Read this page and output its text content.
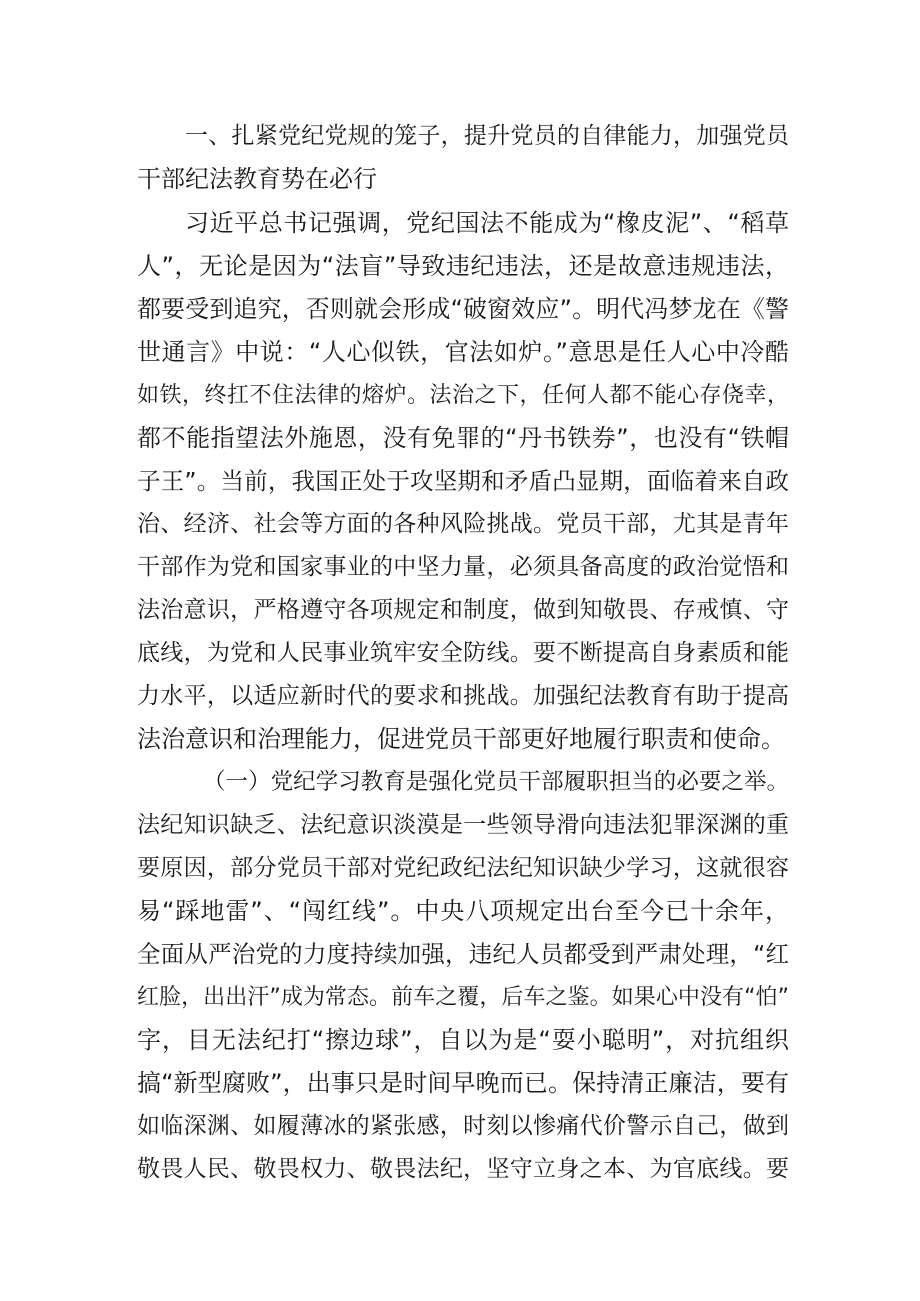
一、扎紧党纪党规的笼子，提升党员的自律能力，加强党员
干部纪法教育势在必行
习近平总书记强调，党纪国法不能成为“橡皮泥”、“稻草
人”，无论是因为“法盲”导致违纪违法，还是故意违规违法，
都要受到追究，否则就会形成“破窗效应”。明代冯梦龙在《警
世通言》中说：“人心似铁，官法如炉。”意思是任人心中冷酷
如铁，终扛不住法律的熔炉。法治之下，任何人都不能心存侥幸，
都不能指望法外施恩，没有免罪的“丹书铁券”，也没有“铁帽
子王”。当前，我国正处于攻坚期和矛盾凸显期，面临着来自政
治、经济、社会等方面的各种风险挑战。党员干部，尤其是青年
干部作为党和国家事业的中坚力量，必须具备高度的政治觉悟和
法治意识，严格遵守各项规定和制度，做到知敬畏、存戒慎、守
底线，为党和人民事业筑牢安全防线。要不断提高自身素质和能
力水平，以适应新时代的要求和挑战。加强纪法教育有助于提高
法治意识和治理能力，促进党员干部更好地履行职责和使命。
（一）党纪学习教育是强化党员干部履职担当的必要之举。
法纪知识缺乏、法纪意识淡漠是一些领导滑向违法犯罪深渊的重
要原因，部分党员干部对党纪政纪法纪知识缺少学习，这就很容
易“踩地雷”、“闯红线”。中央八项规定出台至今已十余年，
全面从严治党的力度持续加强，违纪人员都受到严肃处理，“红
红脸，出出汗”成为常态。前车之覆，后车之鉴。如果心中没有“怕”
字，目无法纪打“擦边球”，自以为是“耍小聪明”，对抗组织
搞“新型腐败”，出事只是时间早晚而已。保持清正廉洁，要有
如临深渊、如履薄冰的紧张感，时刻以惨痛代价警示自己，做到
敬畏人民、敬畏权力、敬畏法纪，坚守立身之本、为官底线。要
